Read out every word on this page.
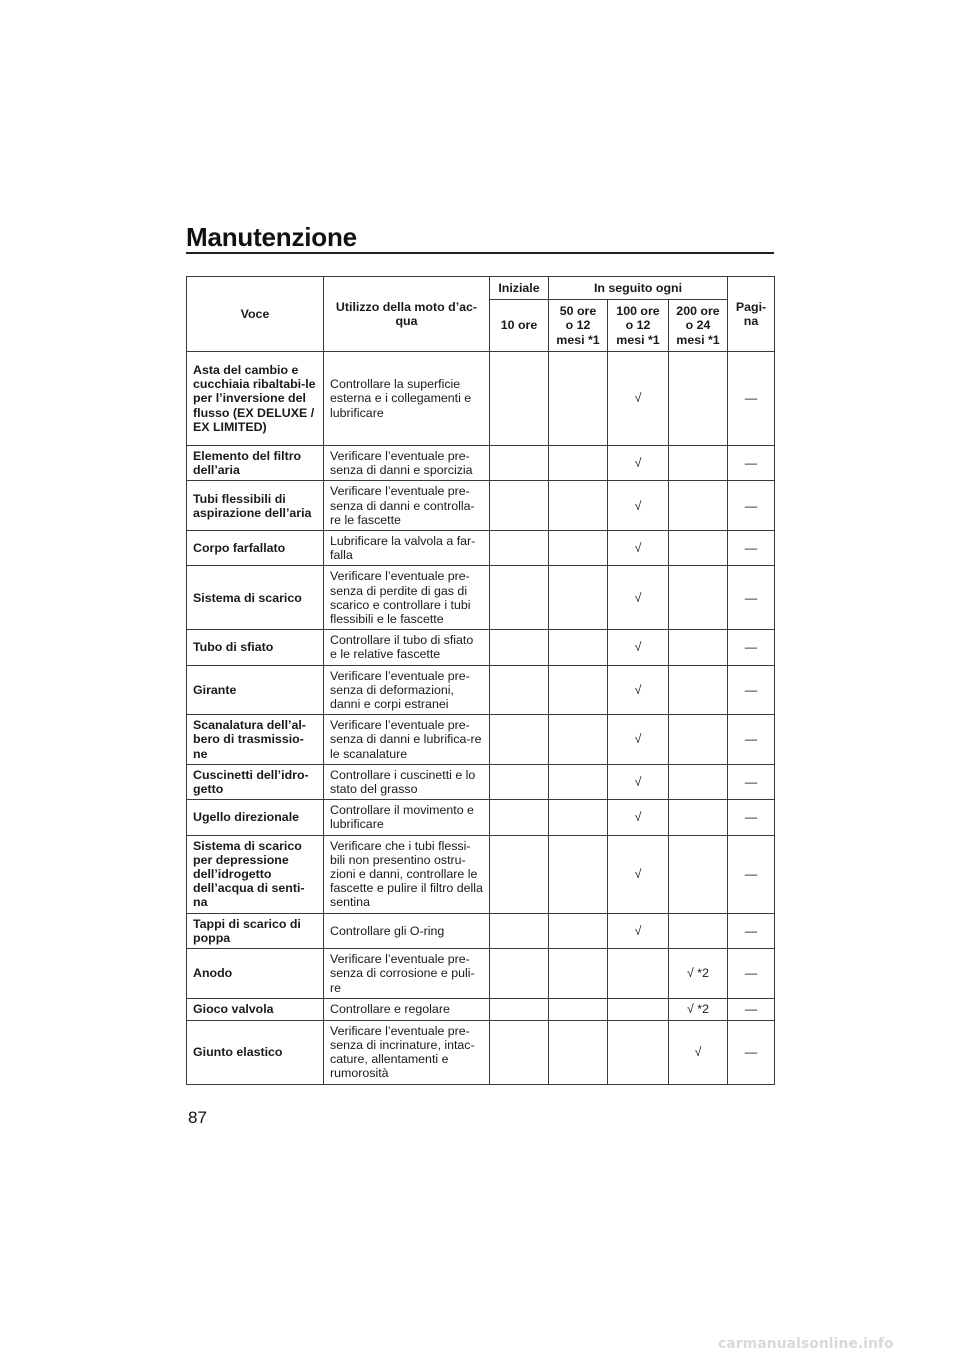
Manutenzione
Voce	Utilizzo della moto d’ac-qua	Iniziale	In seguito ogni			Pagi-na
		10 ore	50 ore o 12 mesi *1	100 ore o 12 mesi *1	200 ore o 24 mesi *1	
Asta del cambio e cucchiaia ribaltabi-le per l’inversione del flusso (EX DELUXE / EX LIMITED)	Controllare la superficie esterna e i collegamenti e lubrificare			√		—
Elemento del filtro dell’aria	Verificare l’eventuale pre-senza di danni e sporcizia			√		—
Tubi flessibili di aspirazione dell’aria	Verificare l’eventuale pre-senza di danni e controlla-re le fascette			√		—
Corpo farfallato	Lubrificare la valvola a far-falla			√		—
Sistema di scarico	Verificare l’eventuale pre-senza di perdite di gas di scarico e controllare i tubi flessibili e le fascette			√		—
Tubo di sfiato	Controllare il tubo di sfiato e le relative fascette			√		—
Girante	Verificare l’eventuale pre-senza di deformazioni, danni e corpi estranei			√		—
Scanalatura dell’al-bero di trasmissio-ne	Verificare l’eventuale pre-senza di danni e lubrifica-re le scanalature			√		—
Cuscinetti dell’idro-getto	Controllare i cuscinetti e lo stato del grasso			√		—
Ugello direzionale	Controllare il movimento e lubrificare			√		—
Sistema di scarico per depressione dell’idrogetto dell’acqua di senti-na	Verificare che i tubi flessi-bili non presentino ostru-zioni e danni, controllare le fascette e pulire il filtro della sentina			√		—
Tappi di scarico di poppa	Controllare gli O-ring			√		—
Anodo	Verificare l’eventuale pre-senza di corrosione e puli-re				√ *2	—
Gioco valvola	Controllare e regolare				√ *2	—
Giunto elastico	Verificare l’eventuale pre-senza di incrinature, intac-cature, allentamenti e rumorosità				√	—
87
carmanualsonline.info
